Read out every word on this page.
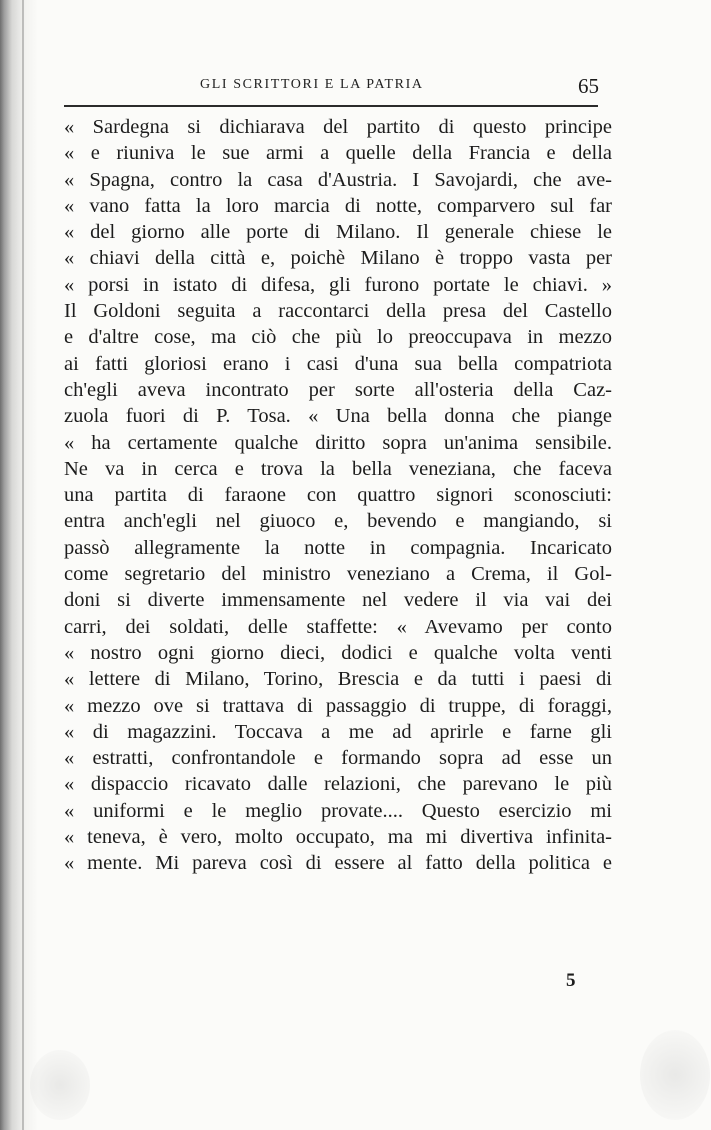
GLI SCRITTORI E LA PATRIA	65
« Sardegna si dichiarava del partito di questo principe
« e riuniva le sue armi a quelle della Francia e della
« Spagna, contro la casa d'Austria. I Savojardi, che ave-
« vano fatta la loro marcia di notte, comparvero sul far
« del giorno alle porte di Milano. Il generale chiese le
« chiavi della città e, poichè Milano è troppo vasta per
« porsi in istato di difesa, gli furono portate le chiavi. »
Il Goldoni seguita a raccontarci della presa del Castello
e d'altre cose, ma ciò che più lo preoccupava in mezzo
ai fatti gloriosi erano i casi d'una sua bella compatriota
ch'egli aveva incontrato per sorte all'osteria della Caz-
zuola fuori di P. Tosa. « Una bella donna che piange
« ha certamente qualche diritto sopra un'anima sensibile.
Ne va in cerca e trova la bella veneziana, che faceva
una partita di faraone con quattro signori sconosciuti:
entra anch'egli nel giuoco e, bevendo e mangiando, si
passò allegramente la notte in compagnia. Incaricato
come segretario del ministro veneziano a Crema, il Gol-
doni si diverte immensamente nel vedere il via vai dei
carri, dei soldati, delle staffette: « Avevamo per conto
« nostro ogni giorno dieci, dodici e qualche volta venti
« lettere di Milano, Torino, Brescia e da tutti i paesi di
« mezzo ove si trattava di passaggio di truppe, di foraggi,
« di magazzini. Toccava a me ad aprirle e farne gli
« estratti, confrontandole e formando sopra ad esse un
« dispaccio ricavato dalle relazioni, che parevano le più
« uniformi e le meglio provate.... Questo esercizio mi
« teneva, è vero, molto occupato, ma mi divertiva infinita-
« mente. Mi pareva così di essere al fatto della politica e
5
